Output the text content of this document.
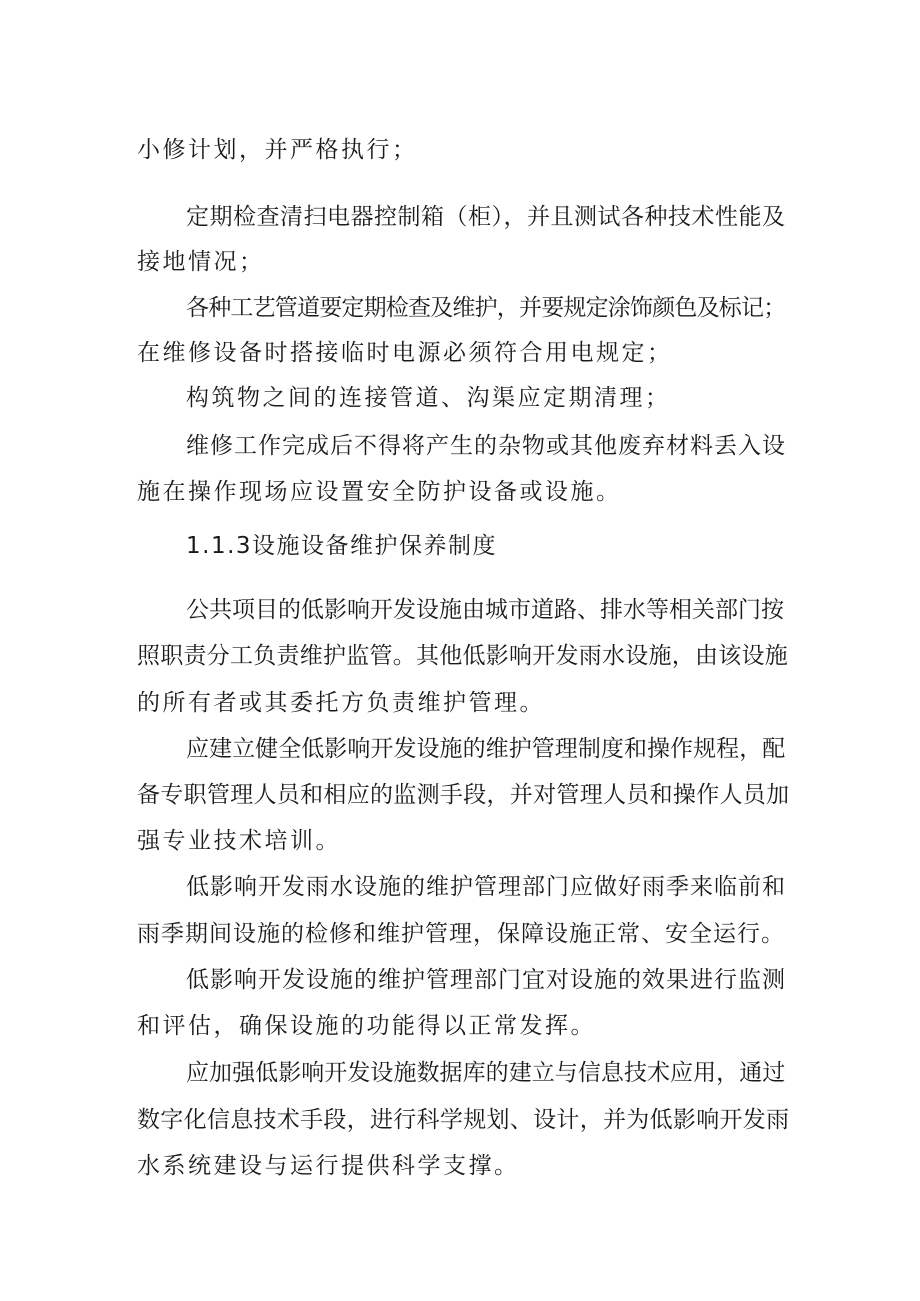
小修计划，并严格执行；

定期检查清扫电器控制箱（柜），并且测试各种技术性能及

接地情况；

各种工艺管道要定期检查及维护，并要规定涂饰颜色及标记；

在维修设备时搭接临时电源必须符合用电规定；

构筑物之间的连接管道、沟渠应定期清理；

维修工作完成后不得将产生的杂物或其他废弃材料丢入设

施在操作现场应设置安全防护设备或设施。

1.1.3设施设备维护保养制度

公共项目的低影响开发设施由城市道路、排水等相关部门按

照职责分工负责维护监管。其他低影响开发雨水设施，由该设施

的所有者或其委托方负责维护管理。

应建立健全低影响开发设施的维护管理制度和操作规程，配

备专职管理人员和相应的监测手段，并对管理人员和操作人员加

强专业技术培训。

低影响开发雨水设施的维护管理部门应做好雨季来临前和

雨季期间设施的检修和维护管理，保障设施正常、安全运行。

低影响开发设施的维护管理部门宜对设施的效果进行监测

和评估，确保设施的功能得以正常发挥。

应加强低影响开发设施数据库的建立与信息技术应用，通过

数字化信息技术手段，进行科学规划、设计，并为低影响开发雨

水系统建设与运行提供科学支撑。
